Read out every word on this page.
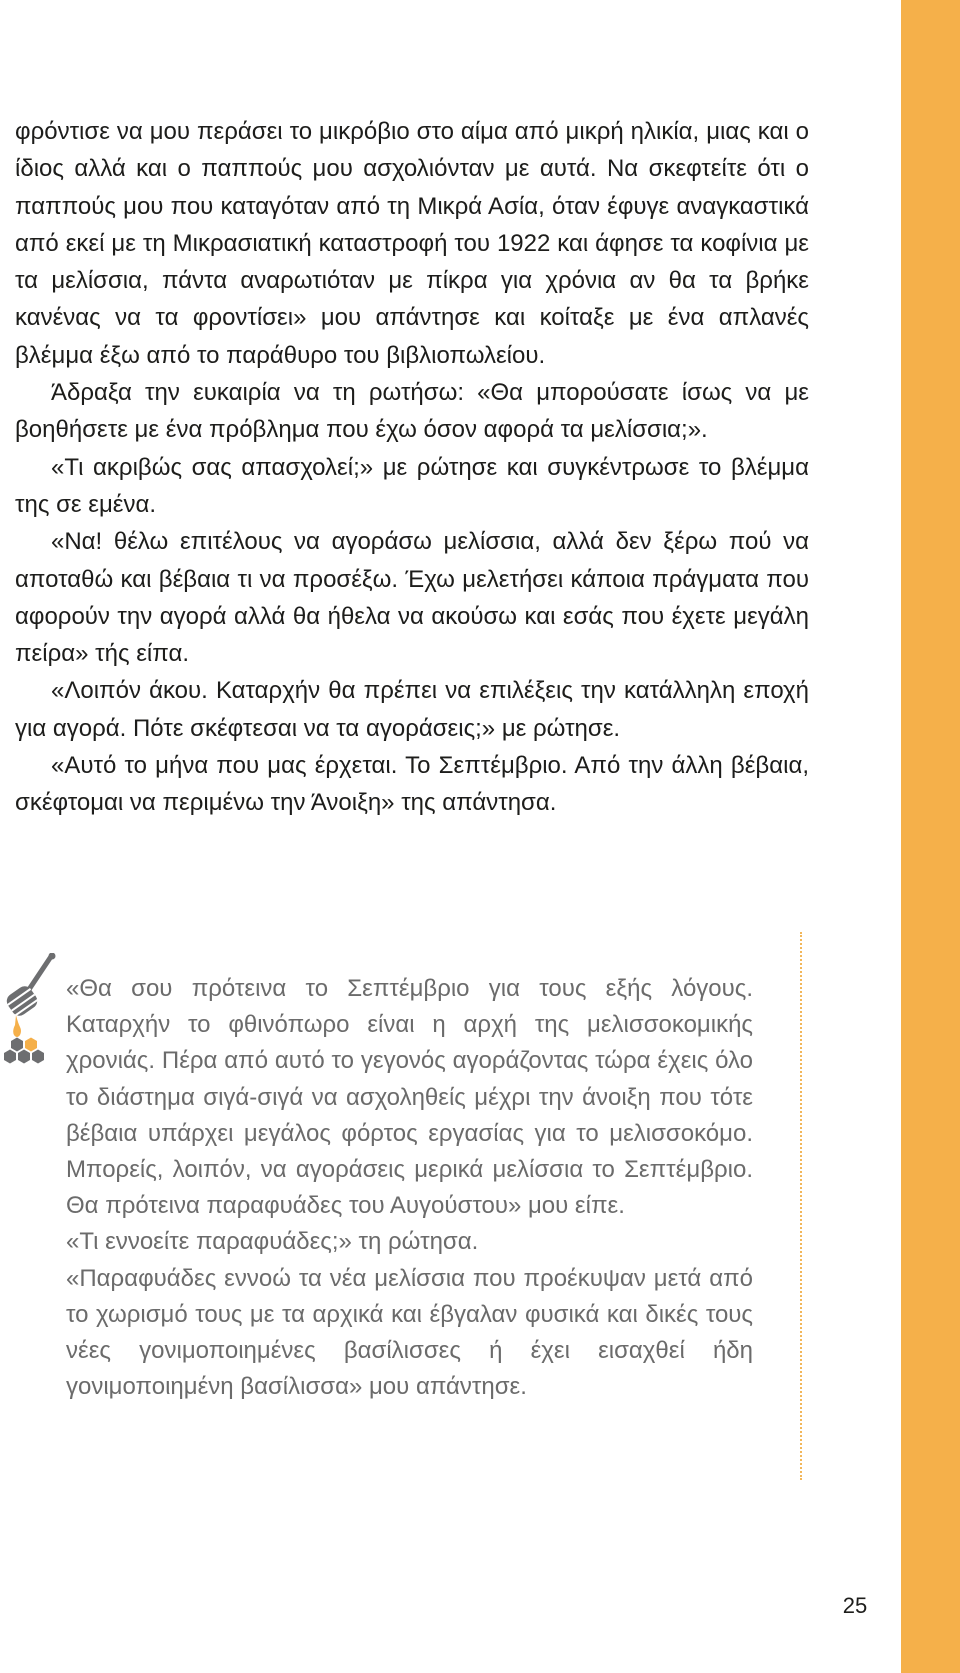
φρόντισε να μου περάσει το μικρόβιο στο αίμα από μικρή ηλικία, μιας και ο ίδιος αλλά και ο παππούς μου ασχολιόνταν με αυτά. Να σκεφτείτε ότι ο παππούς μου που καταγόταν από τη Μικρά Ασία, όταν έφυγε αναγκαστικά από εκεί με τη Μικρασιατική καταστροφή του 1922 και άφησε τα κοφίνια με τα μελίσσια, πάντα αναρωτιόταν με πίκρα για χρόνια αν θα τα βρήκε κανένας να τα φροντίσει» μου απάντησε και κοίταξε με ένα απλανές βλέμμα έξω από το παράθυρο του βιβλιοπωλείου.

Άδραξα την ευκαιρία να τη ρωτήσω: «Θα μπορούσατε ίσως να με βοηθήσετε με ένα πρόβλημα που έχω όσον αφορά τα μελίσσια;».

«Τι ακριβώς σας απασχολεί;» με ρώτησε και συγκέντρωσε το βλέμμα της σε εμένα.

«Να! θέλω επιτέλους να αγοράσω μελίσσια, αλλά δεν ξέρω πού να αποταθώ και βέβαια τι να προσέξω. Έχω μελετήσει κάποια πράγματα που αφορούν την αγορά αλλά θα ήθελα να ακούσω και εσάς που έχετε μεγάλη πείρα» τής είπα.

«Λοιπόν άκου. Καταρχήν θα πρέπει να επιλέξεις την κατάλληλη εποχή για αγορά. Πότε σκέφτεσαι να τα αγοράσεις;» με ρώτησε.

«Αυτό το μήνα που μας έρχεται. Το Σεπτέμβριο. Από την άλλη βέβαια, σκέφτομαι να περιμένω την Άνοιξη» της απάντησα.

«Θα σου πρότεινα το Σεπτέμβριο για τους εξής λόγους. Καταρχήν το φθινόπωρο είναι η αρχή της μελισσοκομικής χρονιάς. Πέρα από αυτό το γεγονός αγοράζοντας τώρα έχεις όλο το διάστημα σιγά-σιγά να ασχοληθείς μέχρι την άνοιξη που τότε βέβαια υπάρχει μεγάλος φόρτος εργασίας για το μελισσοκόμο. Μπορείς, λοιπόν, να αγοράσεις μερικά μελίσσια το Σεπτέμβριο. Θα πρότεινα παραφυάδες του Αυγούστου» μου είπε.

«Τι εννοείτε παραφυάδες;» τη ρώτησα.

«Παραφυάδες εννοώ τα νέα μελίσσια που προέκυψαν μετά από το χωρισμό τους με τα αρχικά και έβγαλαν φυσικά και δικές τους νέες γονιμοποιημένες βασίλισσες ή έχει εισαχθεί ήδη γονιμοποιημένη βασίλισσα» μου απάντησε.

25
